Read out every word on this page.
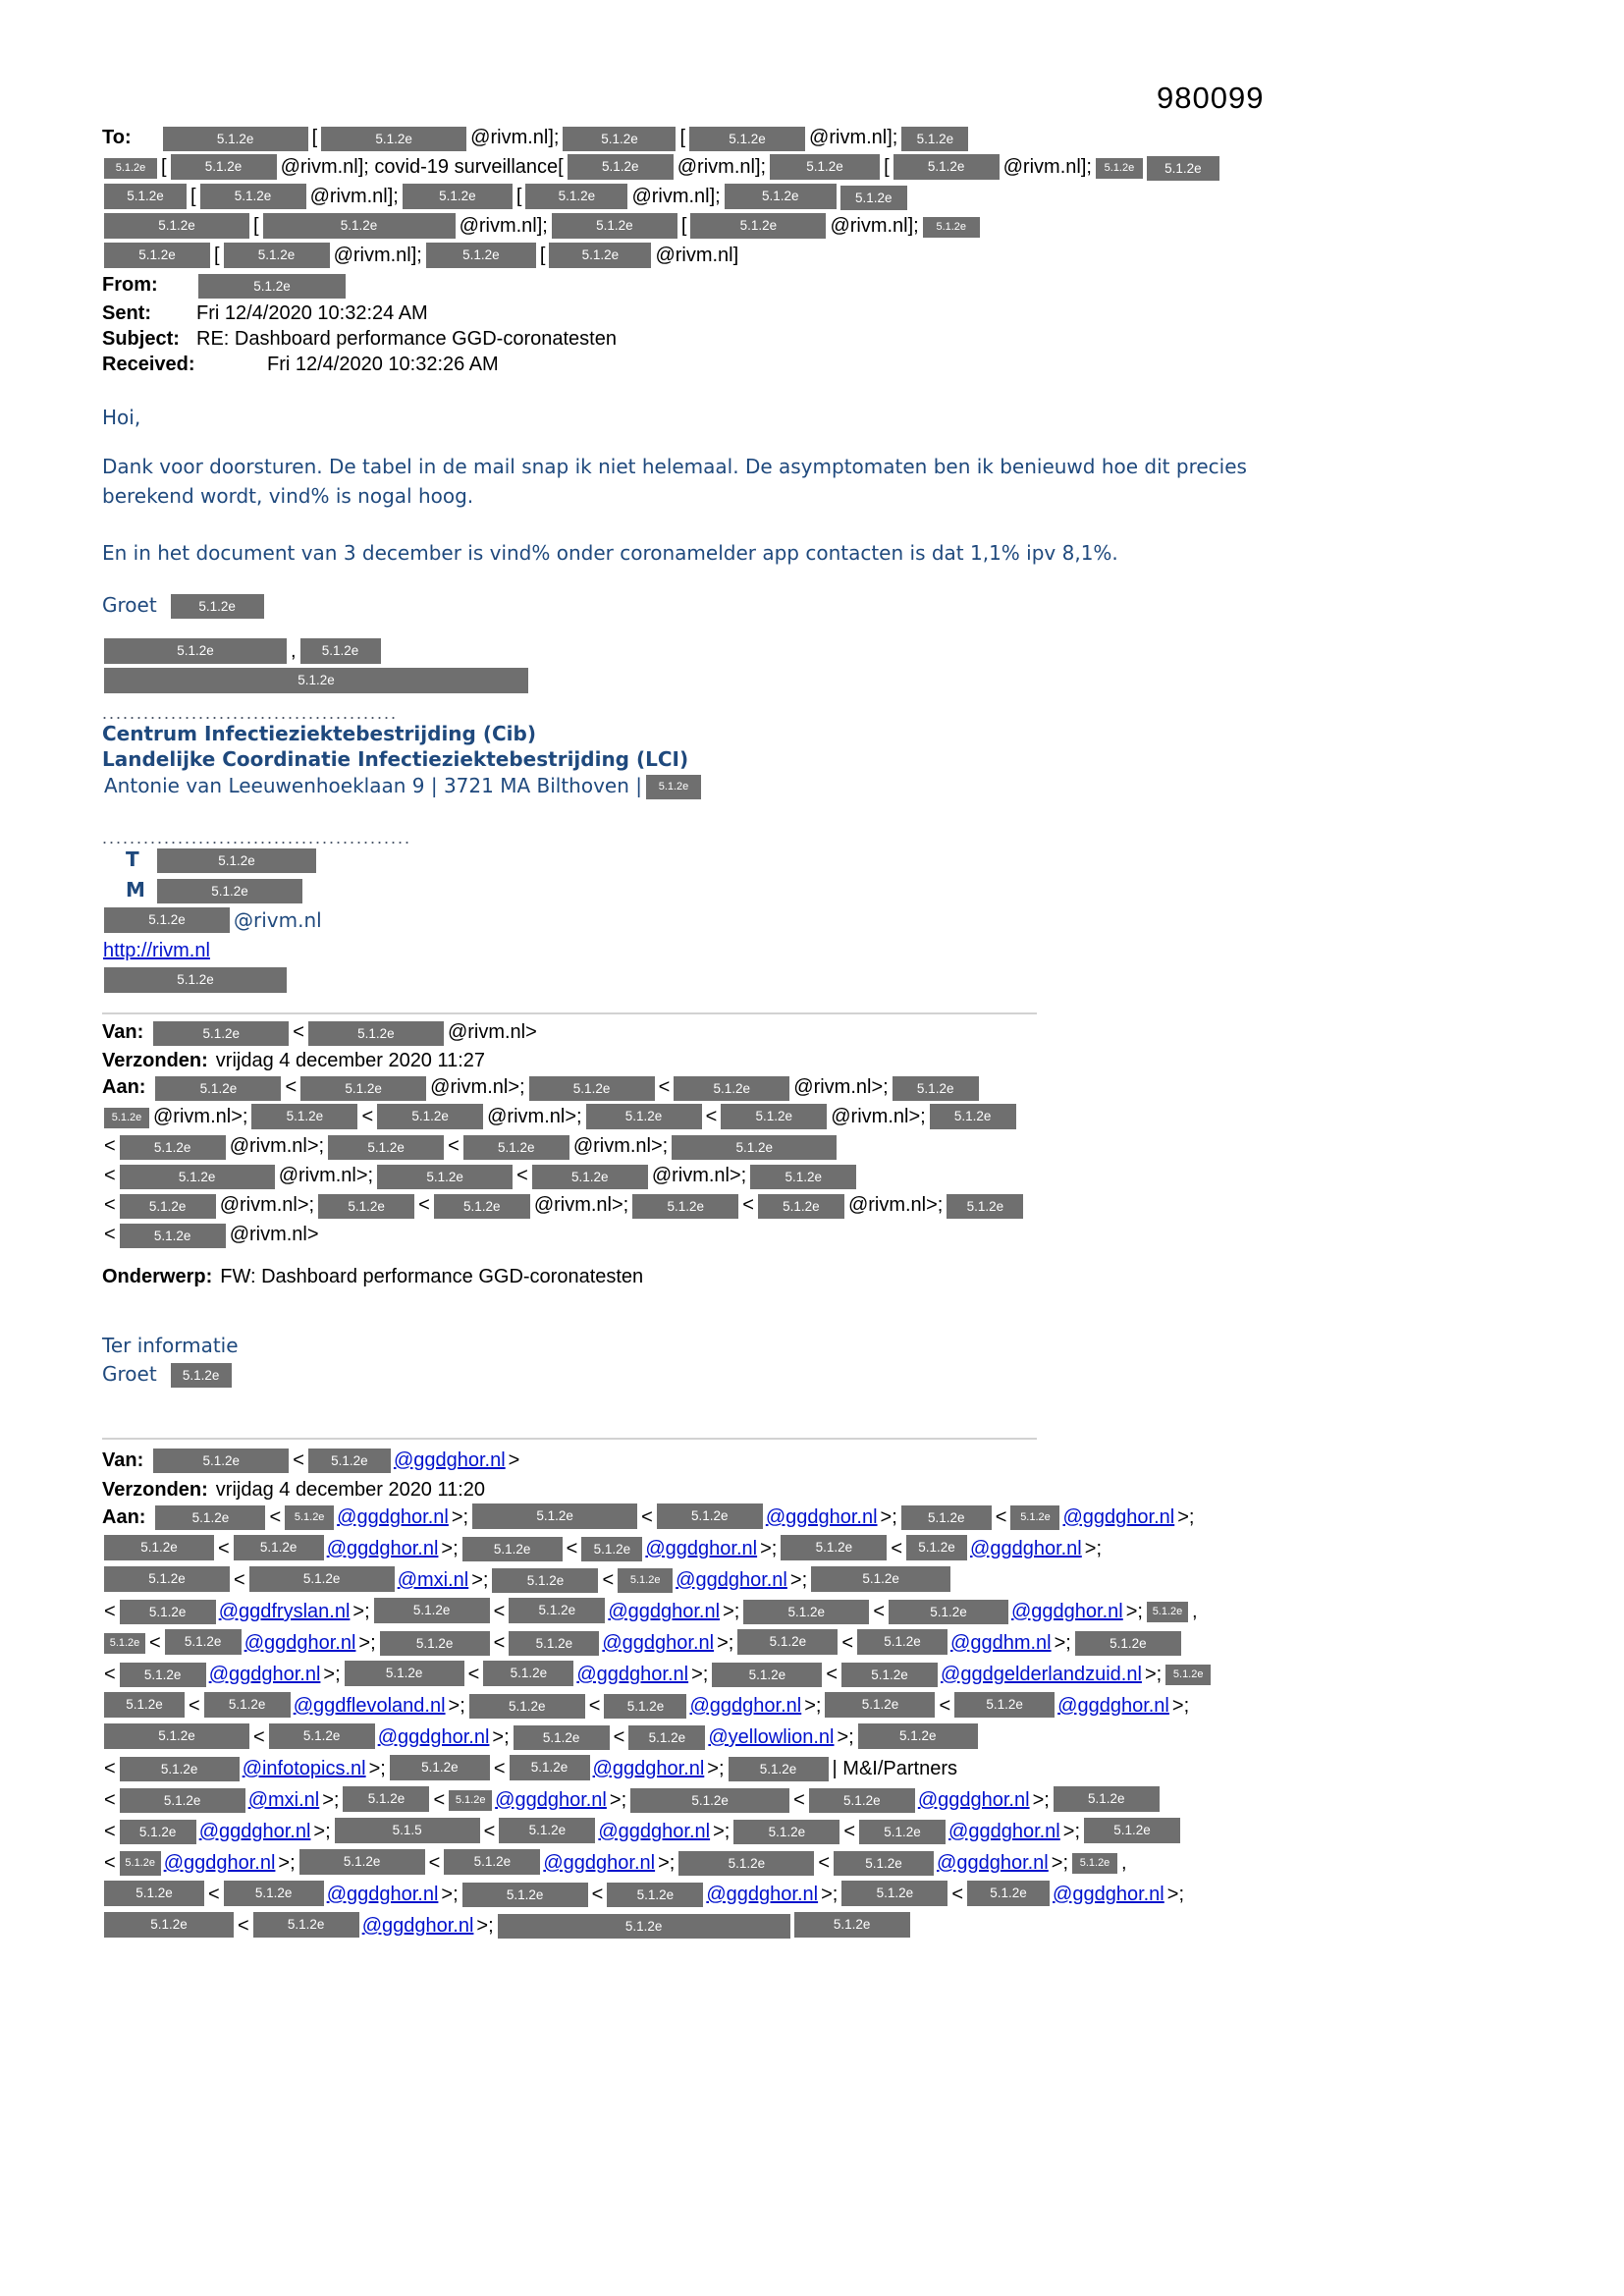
980099
To:	5.1.2e	[	5.1.2e	@rivm.nl];	5.1.2e [	5.1.2e @rivm.nl]; 5.1.2e
5.1.2e [	5.1.2e @rivm.nl]; covid-19 surveillance[	5.1.2e @rivm.nl];	5.1.2e [	5.1.2e @rivm.nl]; 5.1.2e 5.1.2e
5.1.2e [	5.1.2e @rivm.nl];	5.1.2e [	5.1.2e @rivm.nl];	5.1.2e	5.1.2e
5.1.2e	[	5.1.2e	@rivm.nl];	5.1.2e [	5.1.2e	@rivm.nl]; 5.1.2e
5.1.2e [	5.1.2e @rivm.nl];	5.1.2e [	5.1.2e @rivm.nl]
From:	5.1.2e
Sent: Fri 12/4/2020 10:32:24 AM
Subject: RE: Dashboard performance GGD-coronatesten
Received:	Fri 12/4/2020 10:32:26 AM
Hoi,
Dank voor doorsturen. De tabel in de mail snap ik niet helemaal. De asymptomaten ben ik benieuwd hoe dit precies
berekend wordt, vind% is nogal hoog.
En in het document van 3 december is vind% onder coronamelder app contacten is dat 1,1% ipv 8,1%.
Groet	5.1.2e
5.1.2e	, 5.1.2e
5.1.2e
...........................................
Centrum Infectieziektebestrijding (Cib)
Landelijke Coordinatie Infectieziektebestrijding (LCI)
Antonie van Leeuwenhoeklaan 9 | 3721 MA Bilthoven | 5.1.2e
.............................................
T	5.1.2e
M	5.1.2e
5.1.2e @rivm.nl
http://rivm.nl
5.1.2e
Van:	5.1.2e	<	5.1.2e	@rivm.nl>
Verzonden: vrijdag 4 december 2020 11:27
Aan:	5.1.2e <	5.1.2e @rivm.nl>;	5.1.2e <	5.1.2e @rivm.nl>; 5.1.2e
5.1.2e @rivm.nl>;	5.1.2e <	5.1.2e @rivm.nl>;	5.1.2e <	5.1.2e @rivm.nl>; 5.1.2e
<	5.1.2e @rivm.nl>;	5.1.2e <	5.1.2e @rivm.nl>;	5.1.2e
<	5.1.2e	@rivm.nl>;	5.1.2e	<	5.1.2e @rivm.nl>;	5.1.2e
<	5.1.2e @rivm.nl>;	5.1.2e <	5.1.2e @rivm.nl>;	5.1.2e < 5.1.2e @rivm.nl>; 5.1.2e
<	5.1.2e @rivm.nl>
Onderwerp: FW: Dashboard performance GGD-coronatesten
Ter informatie
Groet 5.1.2e
Van:	5.1.2e	< 5.1.2e @ggdghor.nl >
Verzonden: vrijdag 4 december 2020 11:20
Aan:	5.1.2e < 5.1.2e @ggdghor.nl >;	5.1.2e	<	5.1.2e @ggdghor.nl >; 5.1.2e < 5.1.2e @ggdghor.nl >;
5.1.2e < 5.1.2e @ggdghor.nl >;	5.1.2e < 5.1.2e @ggdghor.nl >;	5.1.2e < 5.1.2e @ggdghor.nl >;
5.1.2e <	5.1.2e	@mxi.nl >;	5.1.2e < 5.1.2e @ggdghor.nl >;	5.1.2e
<	5.1.2e @ggdfryslan.nl >;	5.1.2e <	5.1.2e @ggdghor.nl >;	5.1.2e <	5.1.2e @ggdghor.nl >; 5.1.2e ,
5.1.2e < 5.1.2e @ggdghor.nl >;	5.1.2e < 5.1.2e @ggdghor.nl >;	5.1.2e < 5.1.2e @ggdhm.nl >;	5.1.2e
< 5.1.2e @ggdghor.nl >;	5.1.2e < 5.1.2e @ggdghor.nl >;	5.1.2e <	5.1.2e @ggdgelderlandzuid.nl >; 5.1.2e
5.1.2e < 5.1.2e @ggdflevoland.nl >;	5.1.2e < 5.1.2e @ggdghor.nl >;	5.1.2e <	5.1.2e @ggdghor.nl >;
5.1.2e	<	5.1.2e @ggdghor.nl >;	5.1.2e < 5.1.2e @yellowlion.nl >;	5.1.2e
<	5.1.2e @infotopics.nl >;	5.1.2e < 5.1.2e @ggdghor.nl >;	5.1.2e | M&I/Partners
<	5.1.2e @mxi.nl >; 5.1.2e < 5.1.2e @ggdghor.nl >;	5.1.2e	<	5.1.2e @ggdghor.nl >;	5.1.2e
< 5.1.2e @ggdghor.nl >;	5.1.5	<	5.1.2e @ggdghor.nl >;	5.1.2e < 5.1.2e @ggdghor.nl >;	5.1.2e
< 5.1.2e @ggdghor.nl >;	5.1.2e <	5.1.2e @ggdghor.nl >;	5.1.2e	<	5.1.2e @ggdghor.nl >; 5.1.2e ,
5.1.2e <	5.1.2e @ggdghor.nl >;	5.1.2e <	5.1.2e @ggdghor.nl >;	5.1.2e < 5.1.2e @ggdghor.nl >;
5.1.2e	<	5.1.2e @ggdghor.nl >;	5.1.2e	5.1.2e
